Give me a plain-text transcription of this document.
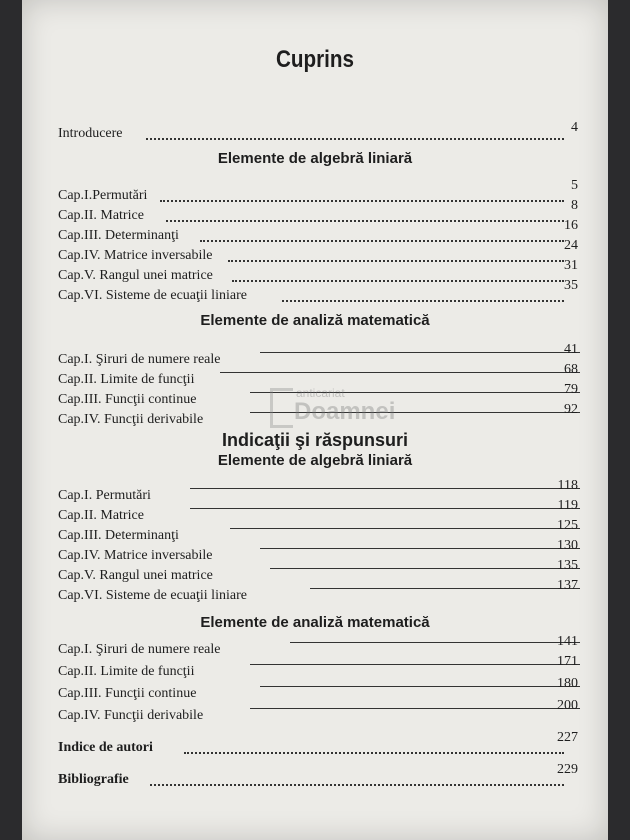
Cuprins
Introducere	4
Elemente de algebră liniară
Cap.I.Permutări
5
Cap.II. Matrice
8
Cap.III. Determinanţi
16
Cap.IV. Matrice inversabile
24
Cap.V. Rangul unei matrice
31
Cap.VI. Sisteme de ecuaţii liniare
35
Elemente de analiză matematică
Cap.I. Şiruri de numere reale
41
Cap.II. Limite de funcţii
68
Cap.III. Funcţii continue
79
Cap.IV. Funcţii derivabile
92
Indicaţii şi răspunsuri
Elemente de algebră liniară
Cap.I. Permutări
118
Cap.II. Matrice
119
Cap.III. Determinanţi
125
Cap.IV. Matrice inversabile
130
Cap.V. Rangul unei matrice
135
Cap.VI. Sisteme de ecuaţii liniare
137
Elemente de analiză matematică
Cap.I. Şiruri de numere reale
141
Cap.II. Limite de funcţii
171
Cap.III. Funcţii continue
180
Cap.IV. Funcţii derivabile
200
Indice de autori
227
Bibliografie
229
anticariat
Doamnei
